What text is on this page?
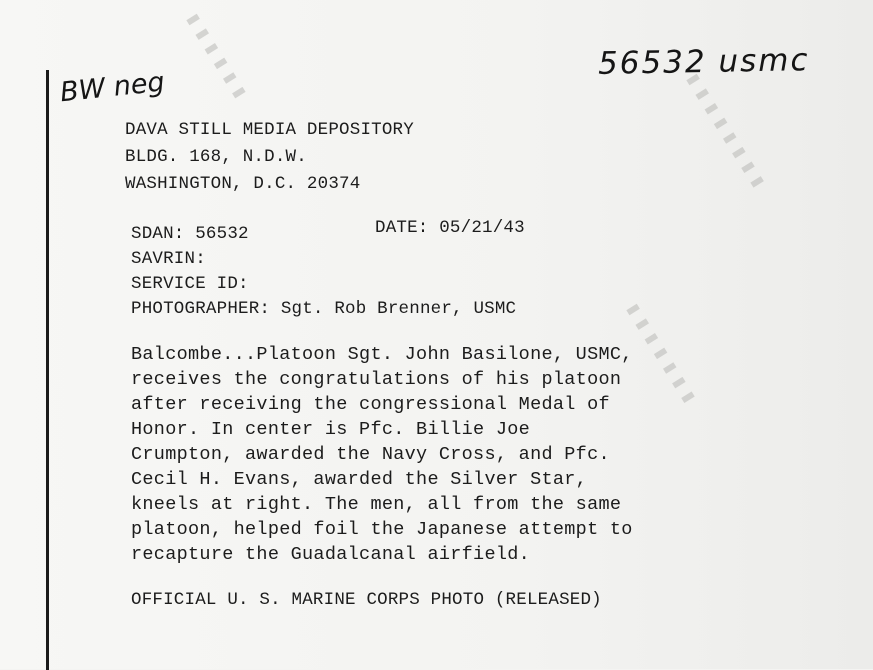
▮ ▮ ▮ ▮ ▮ ▮
▮ ▮ ▮ ▮ ▮ ▮ ▮ ▮
▮ ▮ ▮ ▮ ▮ ▮ ▮
BW neg
56532 usmc
DAVA STILL MEDIA DEPOSITORY
BLDG. 168, N.D.W.
WASHINGTON, D.C. 20374
SDAN: 56532	DATE: 05/21/43
SAVRIN:
SERVICE ID:
PHOTOGRAPHER: Sgt. Rob Brenner, USMC
Balcombe...Platoon Sgt. John Basilone, USMC,
receives the congratulations of his platoon
after receiving the congressional Medal of
Honor. In center is Pfc. Billie Joe
Crumpton, awarded the Navy Cross, and Pfc.
Cecil H. Evans, awarded the Silver Star,
kneels at right. The men, all from the same
platoon, helped foil the Japanese attempt to
recapture the Guadalcanal airfield.
OFFICIAL U. S. MARINE CORPS PHOTO (RELEASED)
